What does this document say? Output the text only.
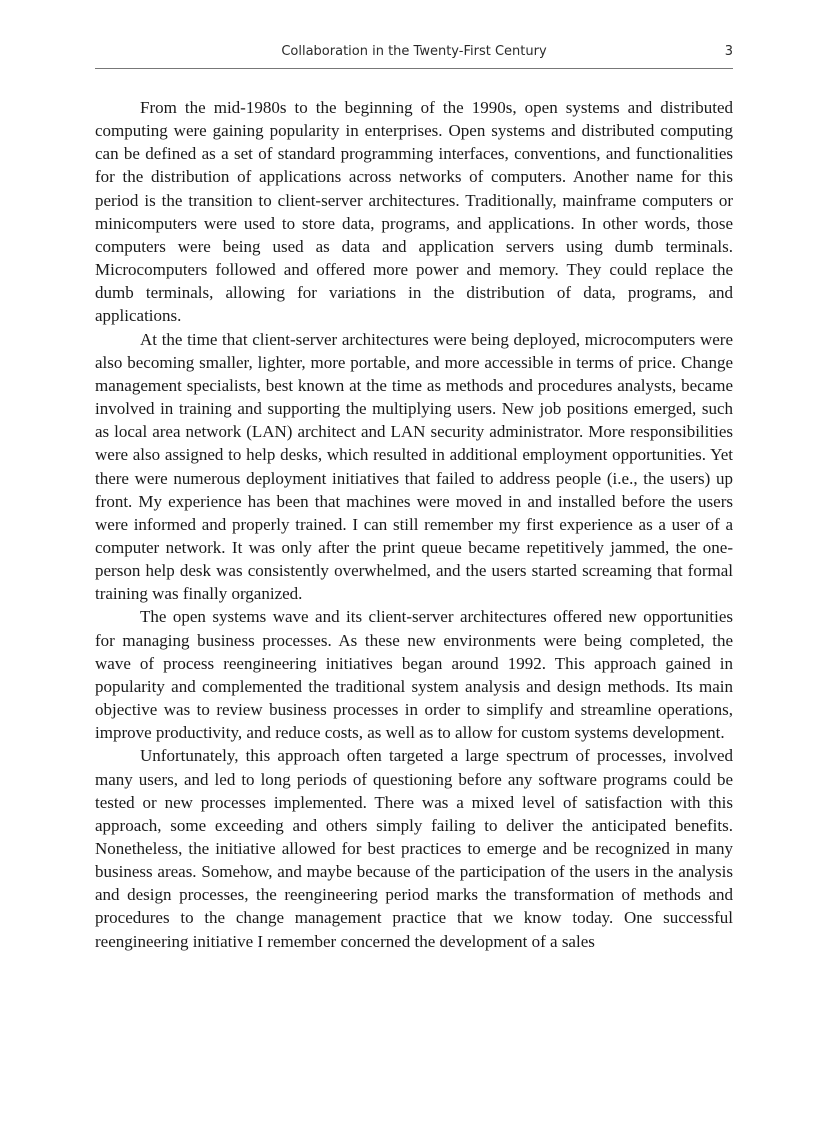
Collaboration in the Twenty-First Century	3

From the mid-1980s to the beginning of the 1990s, open systems and distributed computing were gaining popularity in enterprises. Open systems and distributed computing can be defined as a set of standard programming interfaces, conventions, and functionalities for the distribution of applications across networks of computers. Another name for this period is the transition to client-server architectures. Traditionally, mainframe computers or minicomputers were used to store data, programs, and applications. In other words, those computers were being used as data and application servers using dumb terminals. Microcomputers followed and offered more power and memory. They could replace the dumb terminals, allowing for variations in the distribution of data, programs, and applications.

At the time that client-server architectures were being deployed, microcomputers were also becoming smaller, lighter, more portable, and more accessible in terms of price. Change management specialists, best known at the time as methods and procedures analysts, became involved in training and supporting the multiplying users. New job positions emerged, such as local area network (LAN) architect and LAN security administrator. More responsibilities were also assigned to help desks, which resulted in additional employment opportunities. Yet there were numerous deployment initiatives that failed to address people (i.e., the users) up front. My experience has been that machines were moved in and installed before the users were informed and properly trained. I can still remember my first experience as a user of a computer network. It was only after the print queue became repetitively jammed, the one-person help desk was consistently overwhelmed, and the users started screaming that formal training was finally organized.

The open systems wave and its client-server architectures offered new opportunities for managing business processes. As these new environments were being completed, the wave of process reengineering initiatives began around 1992. This approach gained in popularity and complemented the traditional system analysis and design methods. Its main objective was to review business processes in order to simplify and streamline operations, improve productivity, and reduce costs, as well as to allow for custom systems development.

Unfortunately, this approach often targeted a large spectrum of processes, involved many users, and led to long periods of questioning before any software programs could be tested or new processes implemented. There was a mixed level of satisfaction with this approach, some exceeding and others simply failing to deliver the anticipated benefits. Nonetheless, the initiative allowed for best practices to emerge and be recognized in many business areas. Somehow, and maybe because of the participation of the users in the analysis and design processes, the reengineering period marks the transformation of methods and procedures to the change management practice that we know today. One successful reengineering initiative I remember concerned the development of a sales
